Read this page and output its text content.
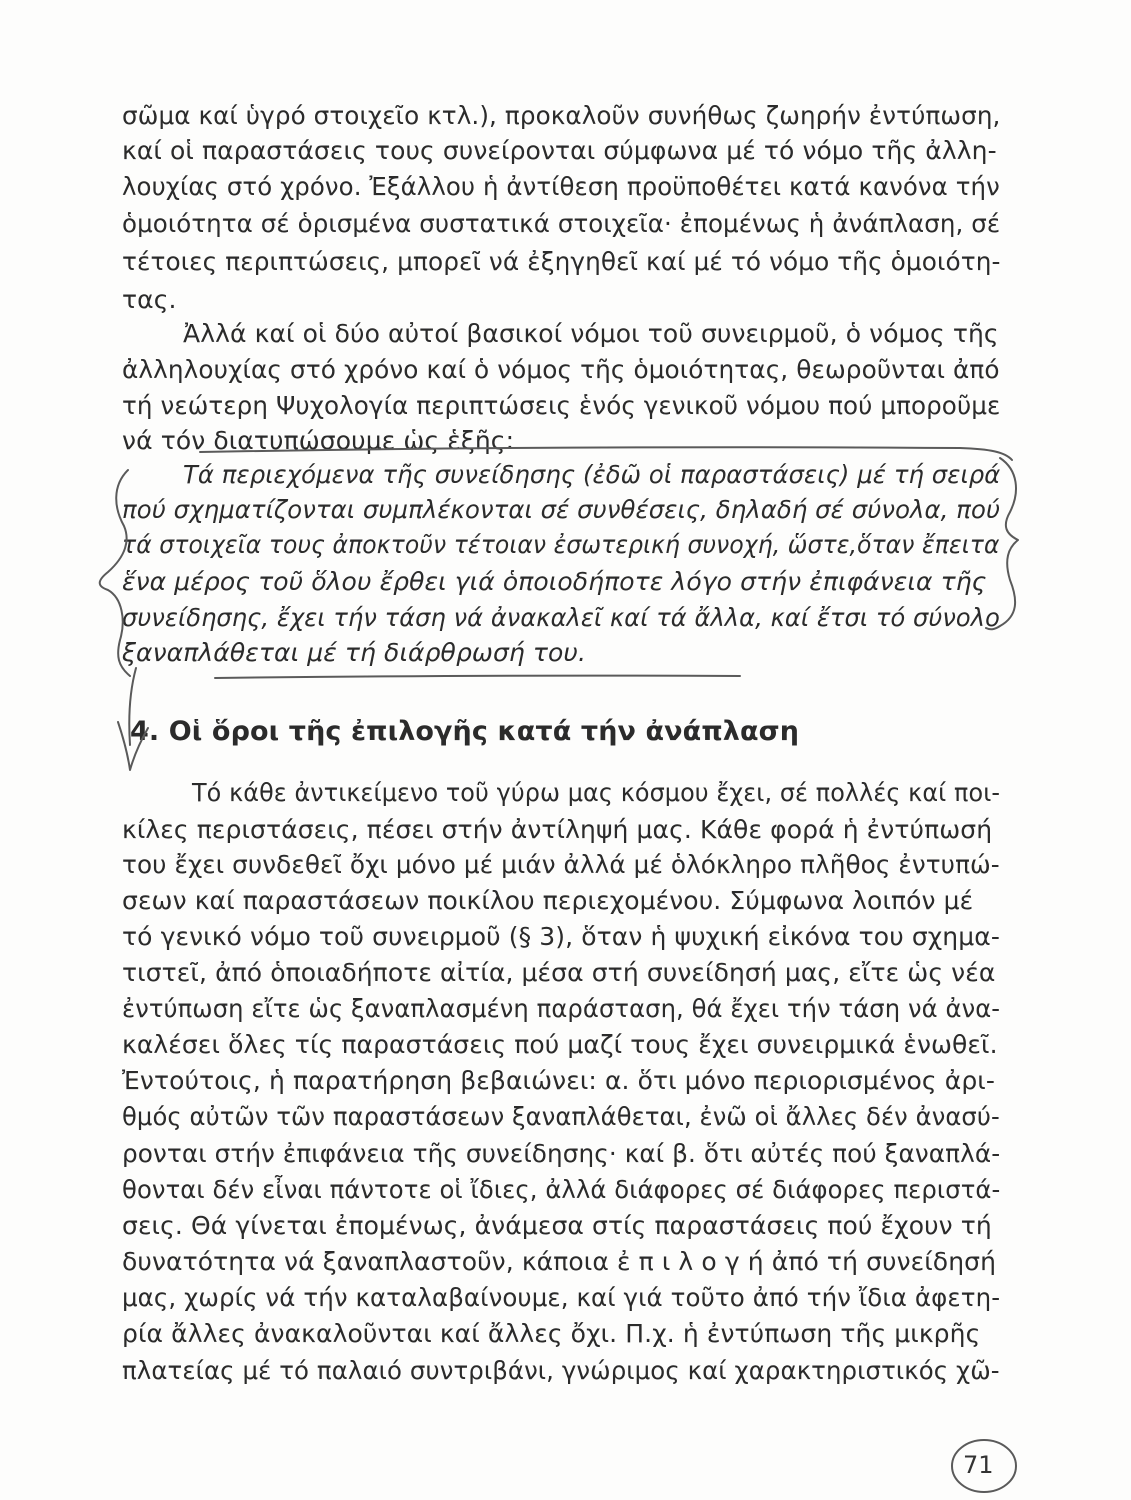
σῶμα καί ὑγρό στοιχεῖο κτλ.), προκαλοῦν συνήθως ζωηρήν ἐντύπωση,
καί οἱ παραστάσεις τους συνείρονται σύμφωνα μέ τό νόμο τῆς ἀλλη-
λουχίας στό χρόνο. Ἐξάλλου ἡ ἀντίθεση προϋποθέτει κατά κανόνα τήν
ὁμοιότητα σέ ὁρισμένα συστατικά στοιχεῖα· ἐπομένως ἡ ἀνάπλαση, σέ
τέτοιες περιπτώσεις, μπορεῖ νά ἐξηγηθεῖ καί μέ τό νόμο τῆς ὁμοιότη-
τας.
Ἀλλά καί οἱ δύο αὐτοί βασικοί νόμοι τοῦ συνειρμοῦ, ὁ νόμος τῆς
ἀλληλουχίας στό χρόνο καί ὁ νόμος τῆς ὁμοιότητας, θεωροῦνται ἀπό
τή νεώτερη Ψυχολογία περιπτώσεις ἑνός γενικοῦ νόμου πού μποροῦμε
νά τόν διατυπώσουμε ὡς ἑξῆς:
Τά περιεχόμενα τῆς συνείδησης (ἐδῶ οἱ παραστάσεις) μέ τή σειρά
πού σχηματίζονται συμπλέκονται σέ συνθέσεις, δηλαδή σέ σύνολα, πού
τά στοιχεῖα τους ἀποκτοῦν τέτοιαν ἐσωτερική συνοχή, ὥστε,ὅταν ἔπειτα
ἕνα μέρος τοῦ ὅλου ἔρθει γιά ὁποιοδήποτε λόγο στήν ἐπιφάνεια τῆς
συνείδησης, ἔχει τήν τάση νά ἀνακαλεῖ καί τά ἄλλα, καί ἔτσι τό σύνολο
ξαναπλάθεται μέ τή διάρθρωσή του.
4. Οἱ ὅροι τῆς ἐπιλογῆς κατά τήν ἀνάπλαση
Τό κάθε ἀντικείμενο τοῦ γύρω μας κόσμου ἔχει, σέ πολλές καί ποι-
κίλες περιστάσεις, πέσει στήν ἀντίληψή μας. Κάθε φορά ἡ ἐντύπωσή
του ἔχει συνδεθεῖ ὄχι μόνο μέ μιάν ἀλλά μέ ὁλόκληρο πλῆθος ἐντυπώ-
σεων καί παραστάσεων ποικίλου περιεχομένου. Σύμφωνα λοιπόν μέ
τό γενικό νόμο τοῦ συνειρμοῦ (§ 3), ὅταν ἡ ψυχική εἰκόνα του σχημα-
τιστεῖ, ἀπό ὁποιαδήποτε αἰτία, μέσα στή συνείδησή μας, εἴτε ὡς νέα
ἐντύπωση εἴτε ὡς ξαναπλασμένη παράσταση, θά ἔχει τήν τάση νά ἀνα-
καλέσει ὅλες τίς παραστάσεις πού μαζί τους ἔχει συνειρμικά ἑνωθεῖ.
Ἐντούτοις, ἡ παρατήρηση βεβαιώνει: α. ὅτι μόνο περιορισμένος ἀρι-
θμός αὐτῶν τῶν παραστάσεων ξαναπλάθεται, ἐνῶ οἱ ἄλλες δέν ἀνασύ-
ρονται στήν ἐπιφάνεια τῆς συνείδησης· καί β. ὅτι αὐτές πού ξαναπλά-
θονται δέν εἶναι πάντοτε οἱ ἴδιες, ἀλλά διάφορες σέ διάφορες περιστά-
σεις. Θά γίνεται ἐπομένως, ἀνάμεσα στίς παραστάσεις πού ἔχουν τή
δυνατότητα νά ξαναπλαστοῦν, κάποια ἐ π ι λ ο γ ή ἀπό τή συνείδησή
μας, χωρίς νά τήν καταλαβαίνουμε, καί γιά τοῦτο ἀπό τήν ἴδια ἀφετη-
ρία ἄλλες ἀνακαλοῦνται καί ἄλλες ὄχι. Π.χ. ἡ ἐντύπωση τῆς μικρῆς
πλατείας μέ τό παλαιό συντριβάνι, γνώριμος καί χαρακτηριστικός χῶ-
71
